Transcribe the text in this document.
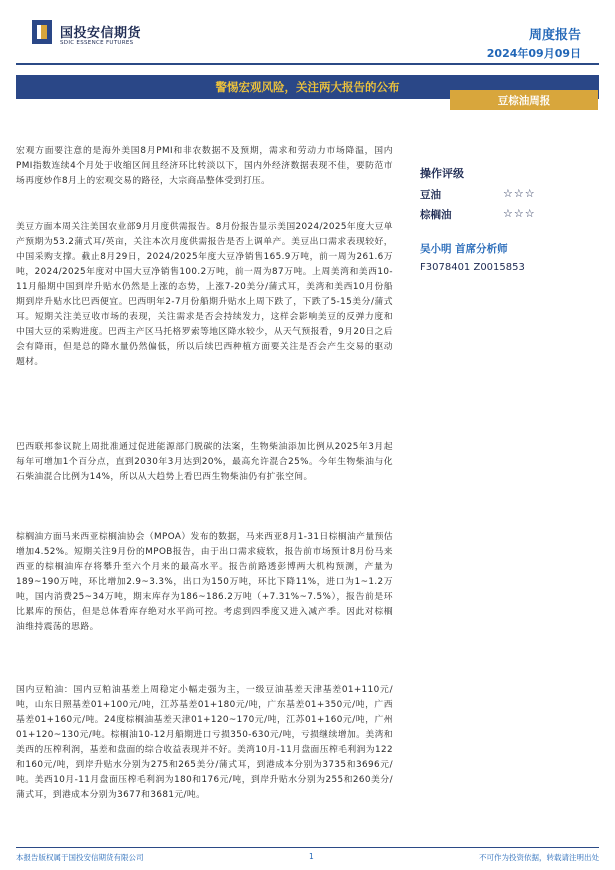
国投安信期货
SDIC ESSENCE FUTURES	周度报告
2024年09月09日
警惕宏观风险，关注两大报告的公布
豆棕油周报

宏观方面要注意的是海外美国8月PMI和非农数据不及预期，需求和劳动力市场降温，国内PMI指数连续4个月处于收缩区间且经济环比转淡以下，国内外经济数据表现不佳，要防范市场再度炒作8月上的宏观交易的路径，大宗商品整体受到打压。

美豆方面本周关注美国农业部9月月度供需报告。8月份报告显示美国2024/2025年度大豆单产预期为53.2蒲式耳/英亩，关注本次月度供需报告是否上调单产。美豆出口需求表现较好，中国采购支撑。截止8月29日，2024/2025年度大豆净销售165.9万吨，前一周为261.6万吨，2024/2025年度对中国大豆净销售100.2万吨，前一周为87万吨。上周美湾和美西10-11月船期中国到岸升贴水仍然是上涨的态势，上涨7-20美分/蒲式耳，美湾和美西10月份船期到岸升贴水比巴西便宜。巴西明年2-7月份船期升贴水上周下跌了，下跌了5-15美分/蒲式耳。短期关注美豆收市场的表现，关注需求是否会持续发力，这样会影响美豆的反弹力度和中国大豆的采购进度。巴西主产区马托格罗索等地区降水较少，从天气预报看，9月20日之后会有降雨，但是总的降水量仍然偏低，所以后续巴西种植方面要关注是否会产生交易的驱动题材。

巴西联邦参议院上周批准通过促进能源部门脱碳的法案，生物柴油添加比例从2025年3月起每年可增加1个百分点，直到2030年3月达到20%，最高允许混合25%。今年生物柴油与化石柴油混合比例为14%，所以从大趋势上看巴西生物柴油仍有扩张空间。

棕榈油方面马来西亚棕榈油协会（MPOA）发布的数据，马来西亚8月1-31日棕榈油产量预估增加4.52%。短期关注9月份的MPOB报告，由于出口需求疲软，报告前市场预计8月份马来西亚的棕榈油库存将攀升至六个月来的最高水平。报告前路透彭博两大机构预测，产量为189~190万吨，环比增加2.9~3.3%，出口为150万吨，环比下降11%，进口为1~1.2万吨，国内消费25~34万吨，期末库存为186~186.2万吨（+7.31%~7.5%），报告前是环比累库的预估，但是总体看库存绝对水平尚可控。考虑到四季度又进入减产季。因此对棕榈油维持震荡的思路。

国内豆粕油：国内豆粕油基差上周稳定小幅走强为主，一级豆油基差天津基差01+110元/吨，山东日照基差01+100元/吨，江苏基差01+180元/吨，广东基差01+350元/吨，广西基差01+160元/吨。24度棕榈油基差天津01+120~170元/吨，江苏01+160元/吨，广州01+120~130元/吨。棕榈油10-12月船期进口亏损350-630元/吨，亏损继续增加。美湾和美西的压榨利润，基差和盘面的综合收益表现并不好。美湾10月-11月盘面压榨毛利润为122和160元/吨，到岸升贴水分别为275和265美分/蒲式耳，到港成本分别为3735和3696元/吨。美西10月-11月盘面压榨毛利润为180和176元/吨，到岸升贴水分别为255和260美分/蒲式耳，到港成本分别为3677和3681元/吨。

操作评级
豆油	☆☆☆
棕榈油	☆☆☆
吴小明 首席分析师
F3078401 Z0015853
本报告版权属于国投安信期货有限公司	1	不可作为投资依据，转载请注明出处
